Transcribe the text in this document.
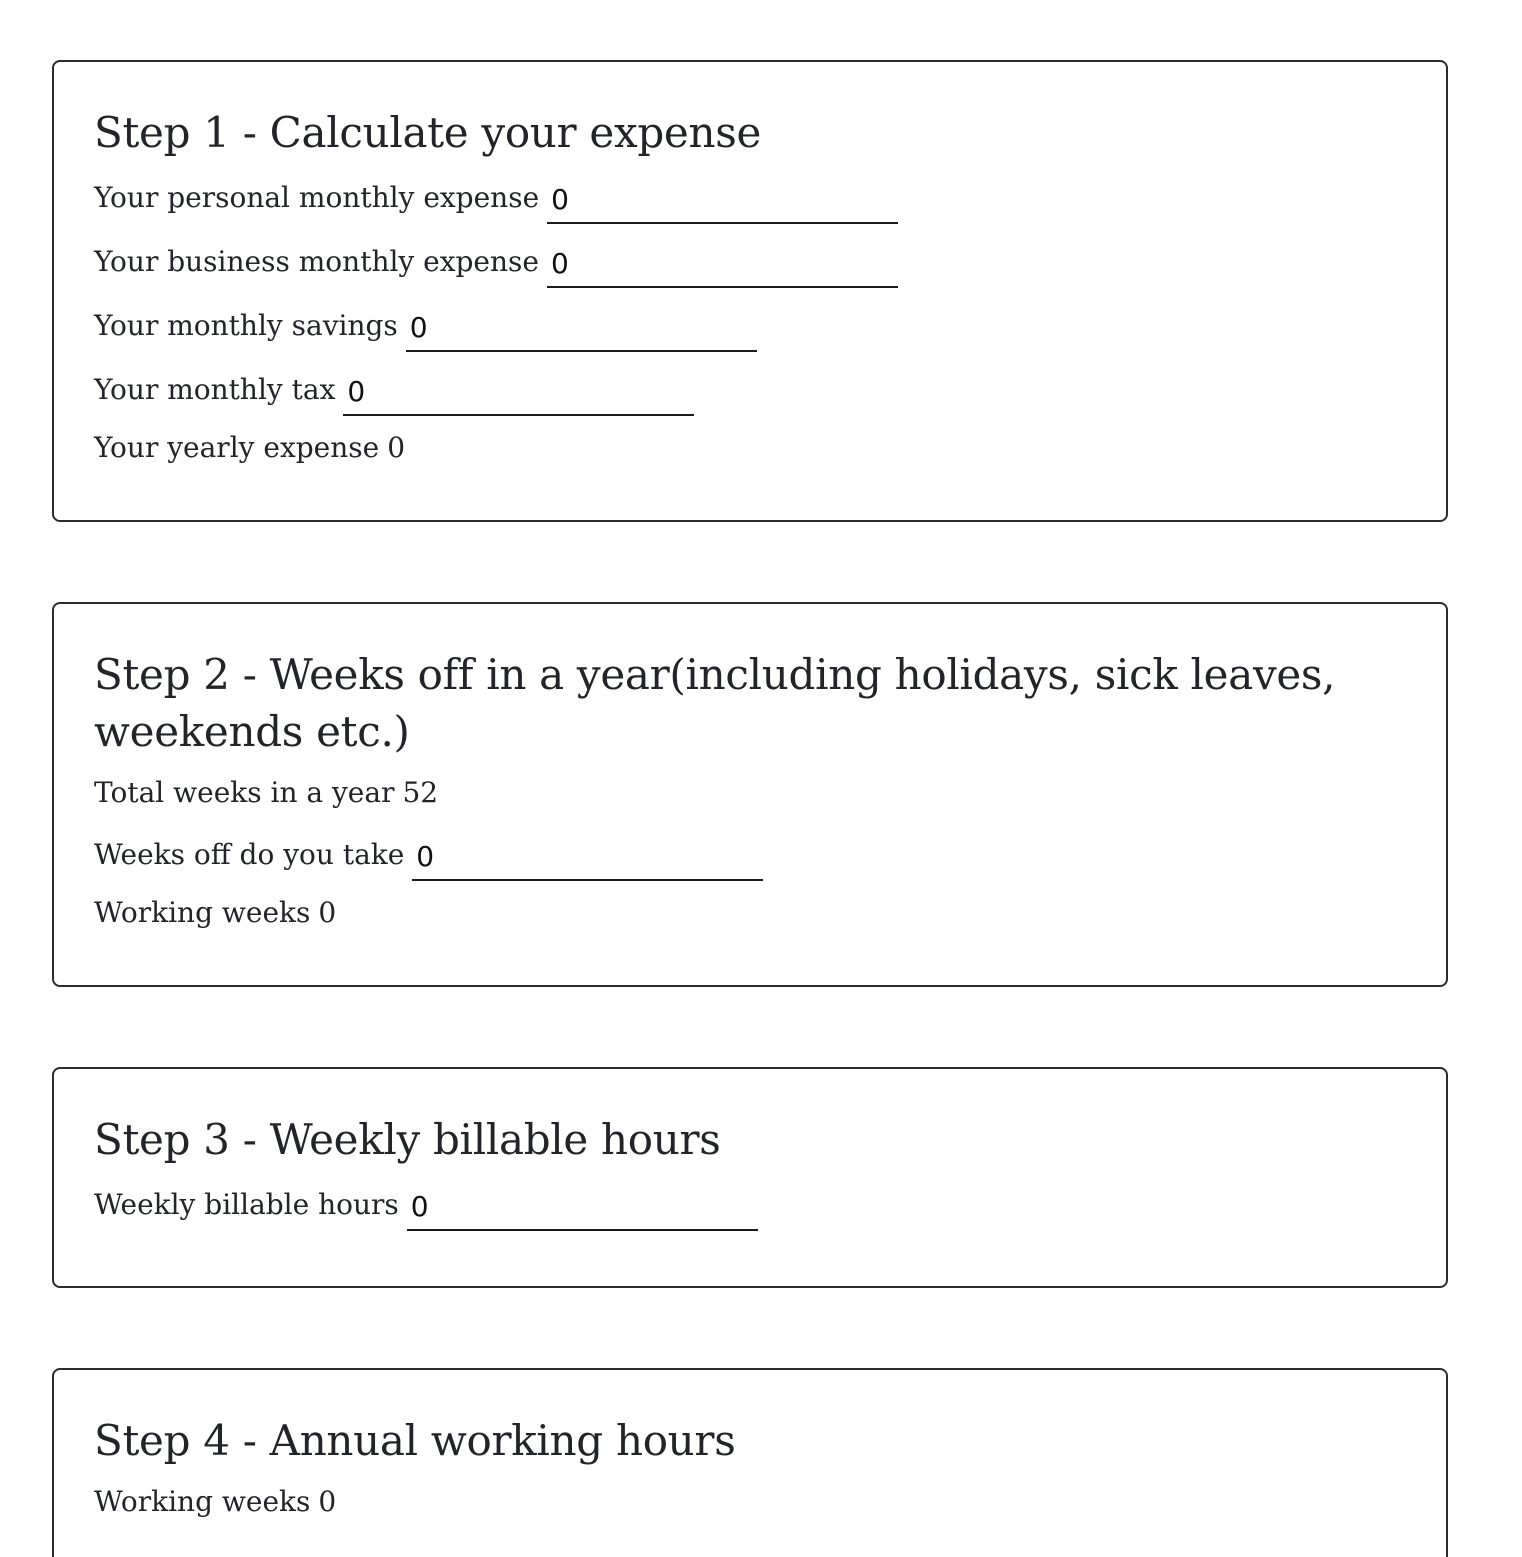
Step 1 - Calculate your expense
Your personal monthly expense
0
Your business monthly expense
0
Your monthly savings
0
Your monthly tax
0
Your yearly expense 0
Step 2 - Weeks off in a year(including holidays, sick leaves, weekends etc.)
Total weeks in a year 52
Weeks off do you take
0
Working weeks 0
Step 3 - Weekly billable hours
Weekly billable hours
0
Step 4 - Annual working hours
Working weeks 0
